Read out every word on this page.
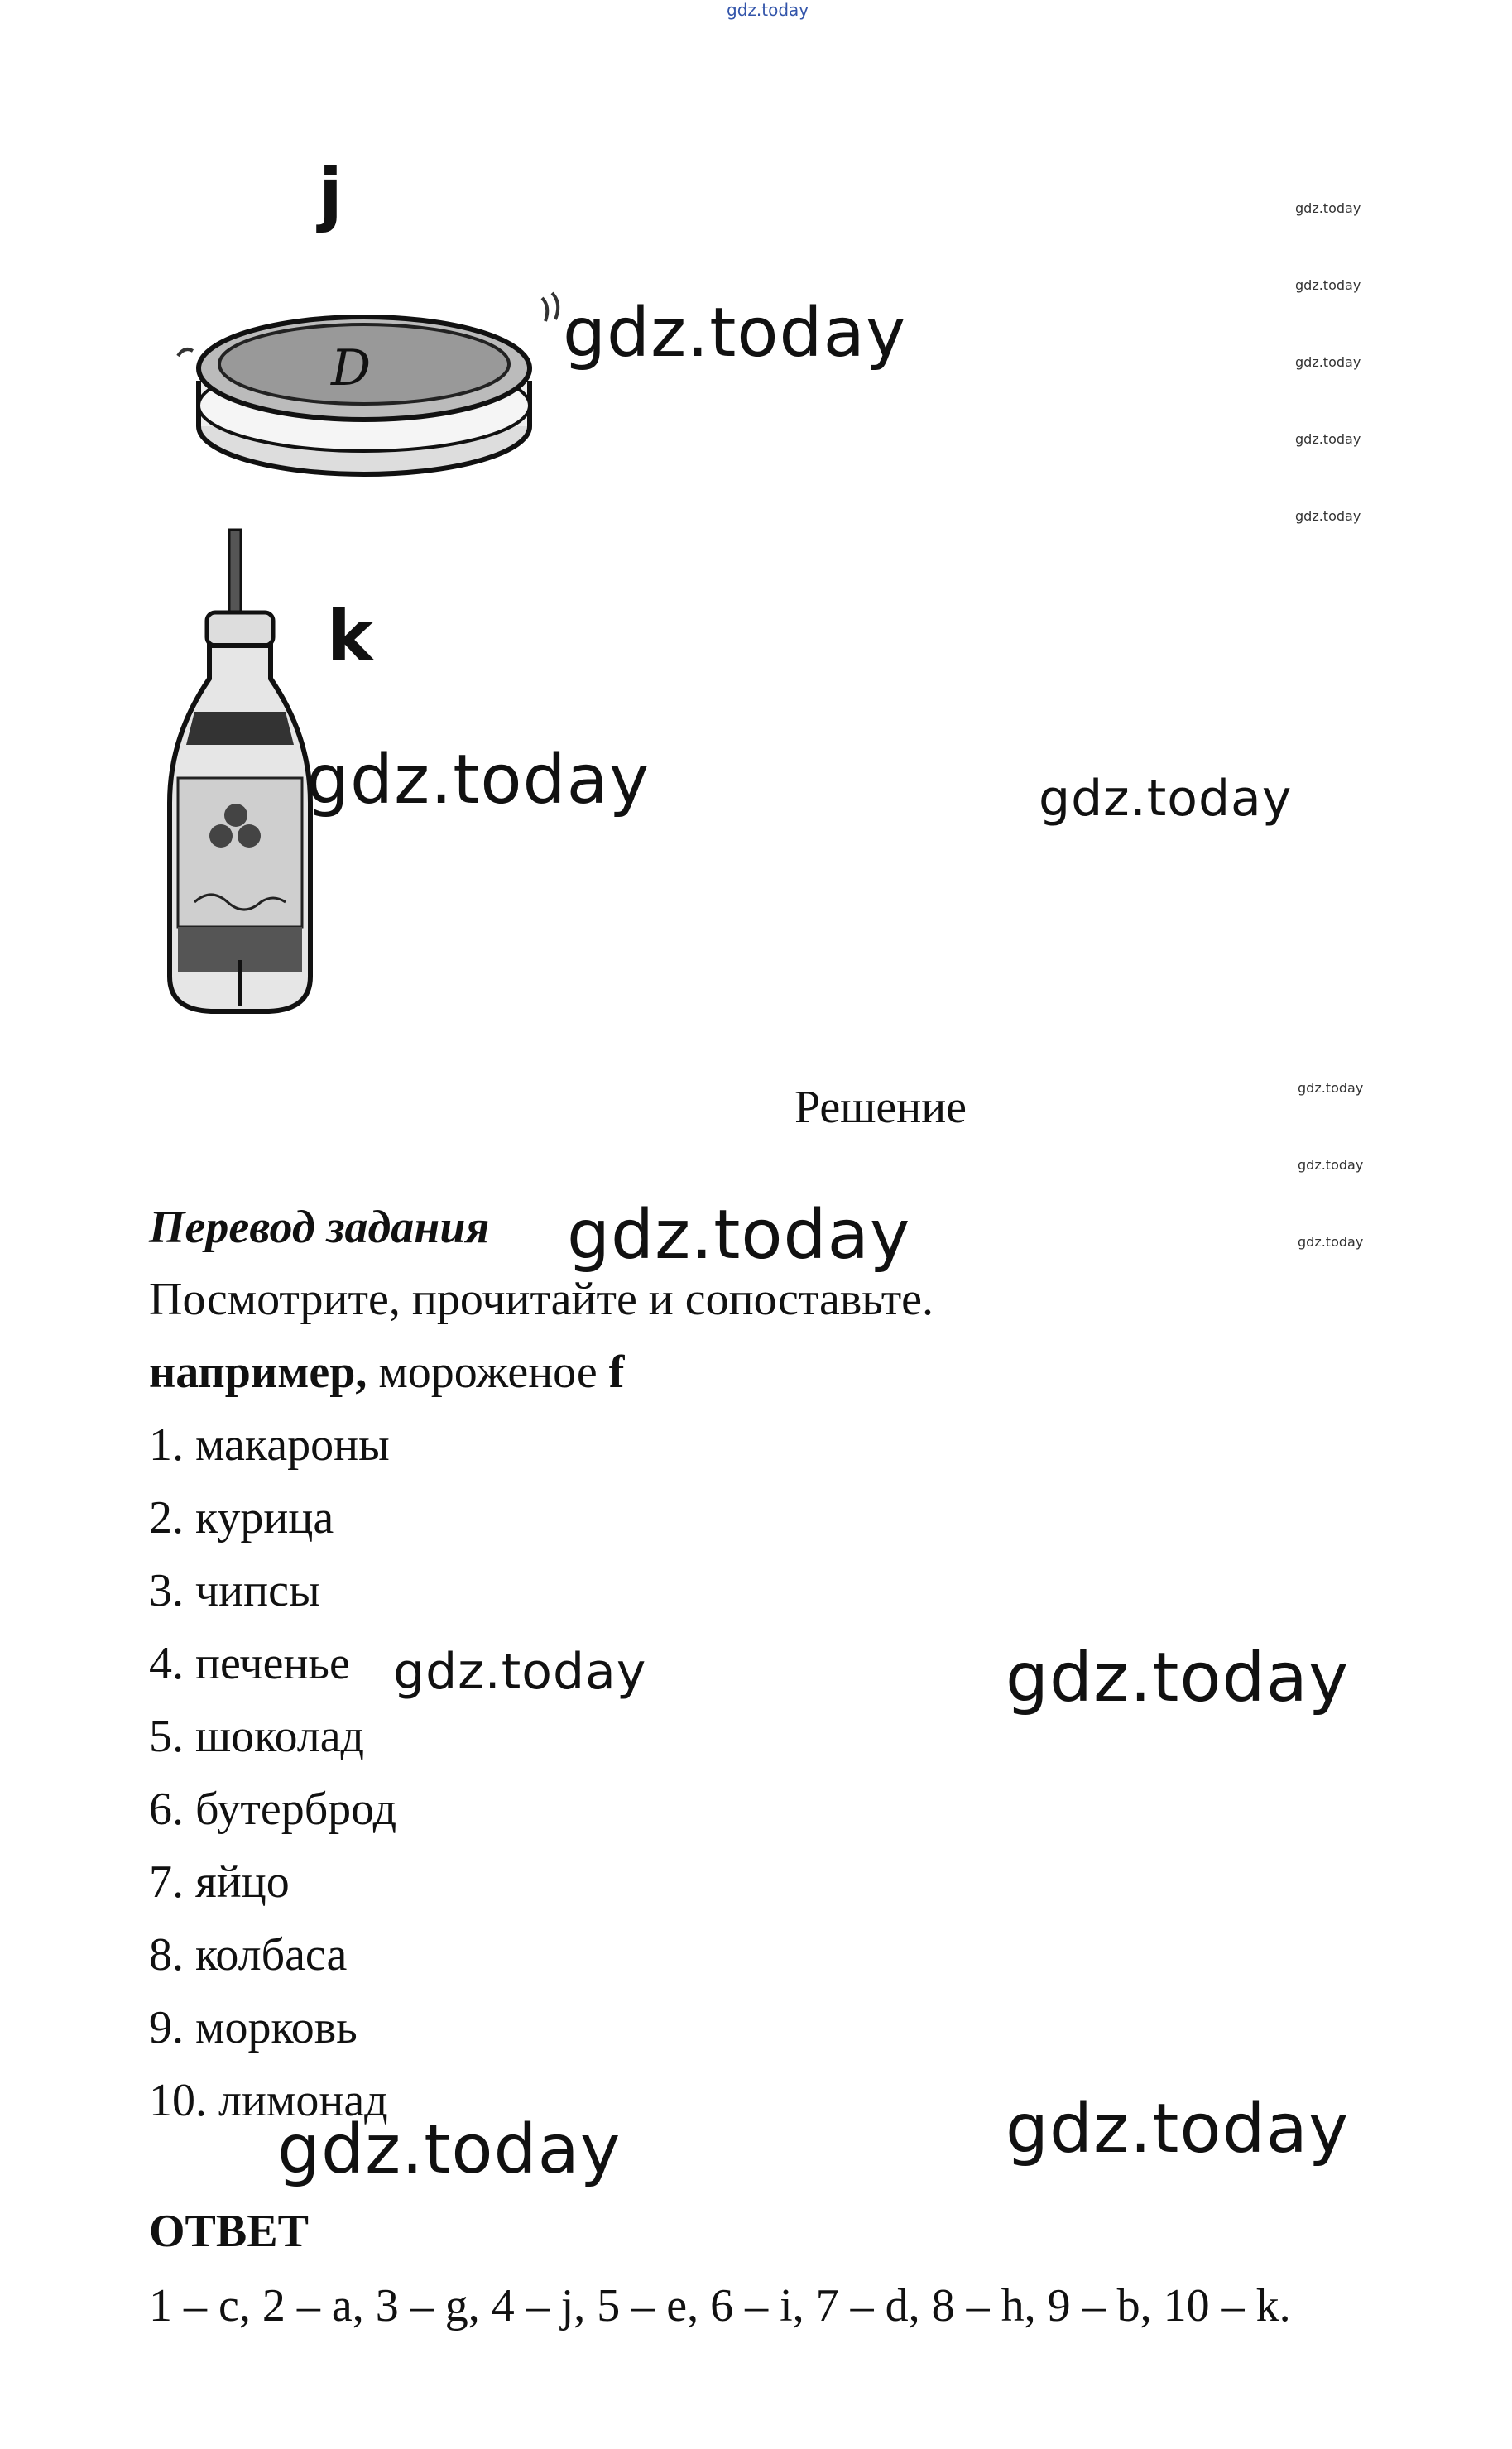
gdz.today
j
D	gdz.today
gdz.today
gdz.today
gdz.today
gdz.today
gdz.today
k
gdz.today	gdz.today
Решение	gdz.today
gdz.today
gdz.today
Перевод задания gdz.today
Посмотрите, прочитайте и сопоставьте.
например, мороженое f
1. макароны
2. курица
3. чипсы
4. печенье
5. шоколад
6. бутерброд
7. яйцо
8. колбаса
9. морковь
10. лимонад
gdz.today	gdz.today
gdz.today	gdz.today
ОТВЕТ
1 – c, 2 – a, 3 – g, 4 – j, 5 – e, 6 – i, 7 – d, 8 – h, 9 – b, 10 – k.
